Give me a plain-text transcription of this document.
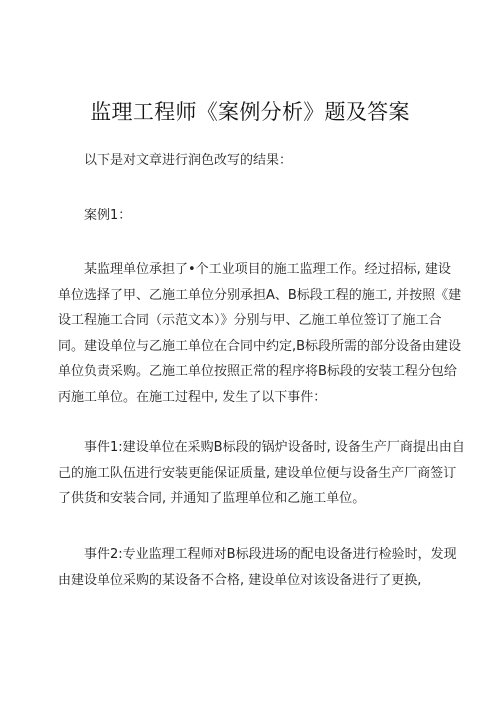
监理工程师《案例分析》题及答案
以下是对文章进行润色改写的结果：
案例1：
某监理单位承担了•个工业项目的施工监理工作。经过招标, 建设
单位选择了甲、乙施工单位分别承担A、B标段工程的施工, 并按照《建
设工程施工合同（示范文本）》分别与甲、乙施工单位签订了施工合
同。建设单位与乙施工单位在合同中约定,B标段所需的部分设备由建设
单位负责采购。乙施工单位按照正常的程序将B标段的安装工程分包给
丙施工单位。在施工过程中, 发生了以下事件：
事件1:建设单位在采购B标段的锅炉设备时, 设备生产厂商提出由自
己的施工队伍进行安装更能保证质量, 建设单位便与设备生产厂商签订
了供货和安装合同, 并通知了监理单位和乙施工单位。
事件2:专业监理工程师对B标段进场的配电设备进行检验时，发现
由建设单位采购的某设备不合格, 建设单位对该设备进行了更换,
